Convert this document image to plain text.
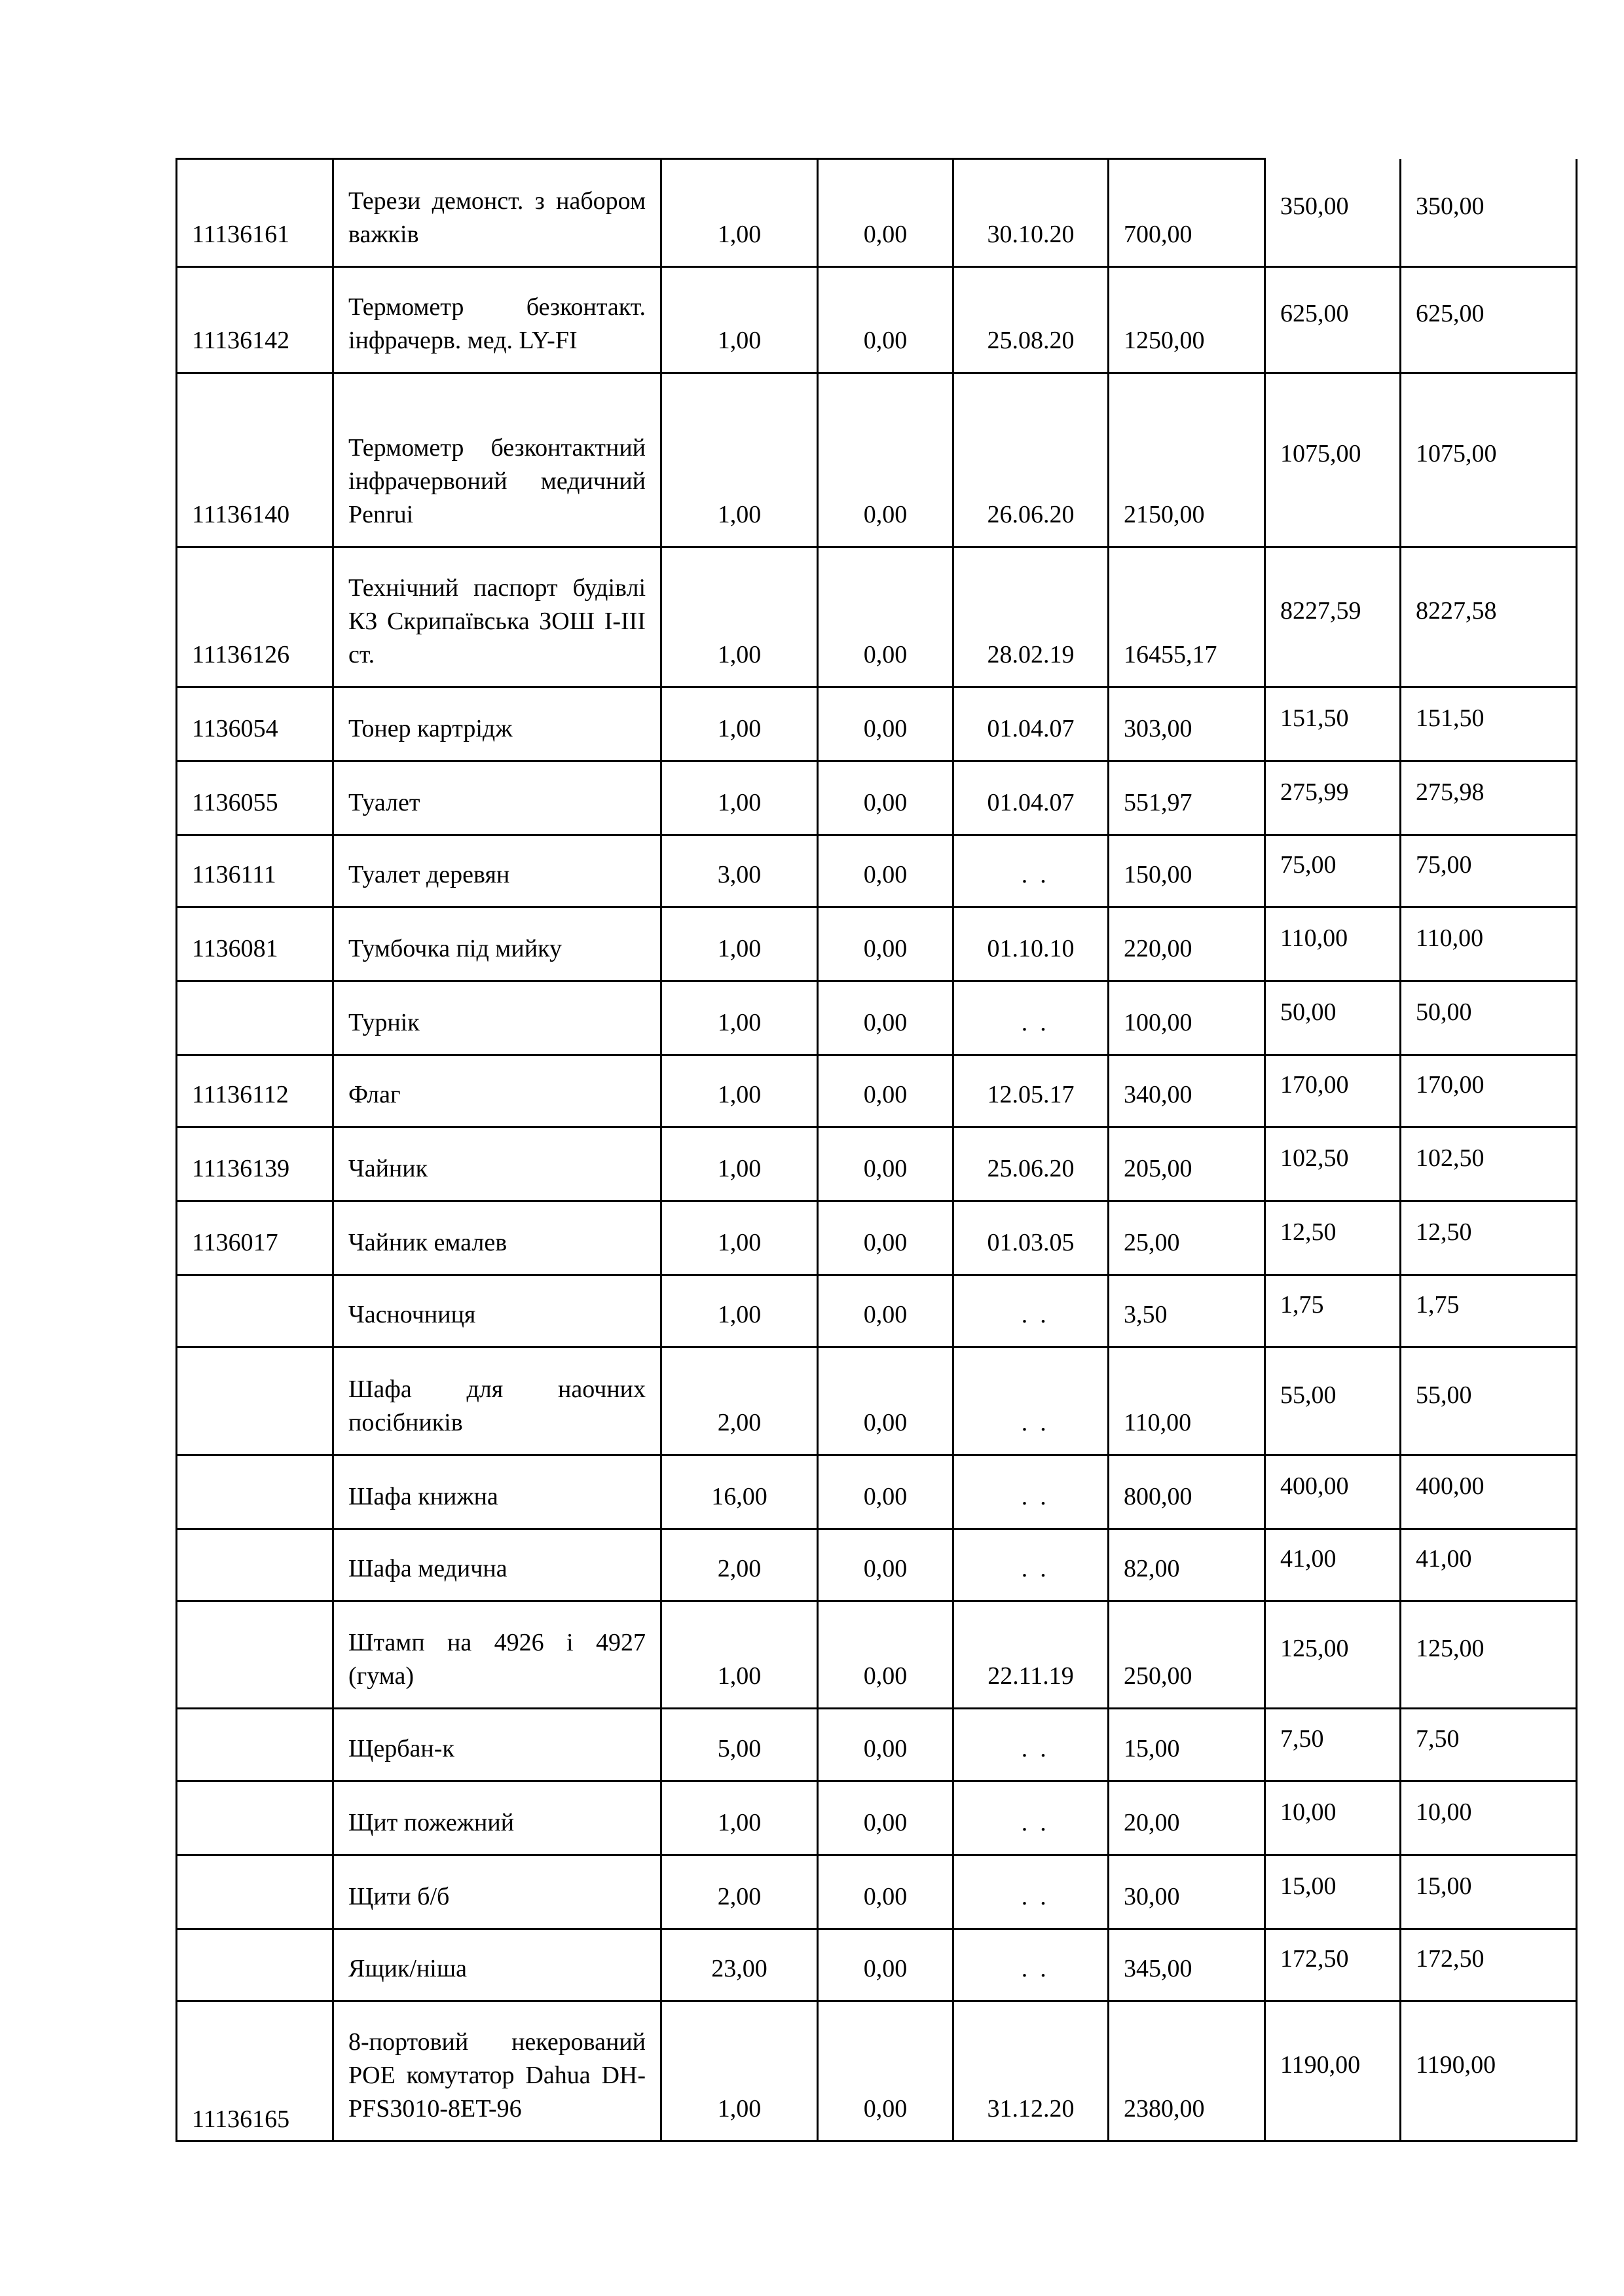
11136161	Терези демонст. з набором важків	1,00	0,00	30.10.20	700,00	350,00	350,00
11136142	Термометр безконтакт. інфрачерв. мед. LY-FI	1,00	0,00	25.08.20	1250,00	625,00	625,00
11136140	Термометр безконтактний інфрачервоний медичний Penrui	1,00	0,00	26.06.20	2150,00	1075,00	1075,00
11136126	Технічний паспорт будівлі КЗ Скрипаївська ЗОШ І-ІІІ ст.	1,00	0,00	28.02.19	16455,17	8227,59	8227,58
1136054	Тонер картрідж	1,00	0,00	01.04.07	303,00	151,50	151,50
1136055	Туалет	1,00	0,00	01.04.07	551,97	275,99	275,98
1136111	Туалет деревян	3,00	0,00	.  .	150,00	75,00	75,00
1136081	Тумбочка під мийку	1,00	0,00	01.10.10	220,00	110,00	110,00
	Турнік	1,00	0,00	.  .	100,00	50,00	50,00
11136112	Флаг	1,00	0,00	12.05.17	340,00	170,00	170,00
11136139	Чайник	1,00	0,00	25.06.20	205,00	102,50	102,50
1136017	Чайник емалев	1,00	0,00	01.03.05	25,00	12,50	12,50
	Часночниця	1,00	0,00	.  .	3,50	1,75	1,75
	Шафа для наочних посібників	2,00	0,00	.  .	110,00	55,00	55,00
	Шафа книжна	16,00	0,00	.  .	800,00	400,00	400,00
	Шафа медична	2,00	0,00	.  .	82,00	41,00	41,00
	Штамп на 4926 і 4927 (гума)	1,00	0,00	22.11.19	250,00	125,00	125,00
	Щербан-к	5,00	0,00	.  .	15,00	7,50	7,50
	Щит пожежний	1,00	0,00	.  .	20,00	10,00	10,00
	Щити б/б	2,00	0,00	.  .	30,00	15,00	15,00
	Ящик/ніша	23,00	0,00	.  .	345,00	172,50	172,50
11136165	8-портовий некерований POE комутатор Dahua DH-PFS3010-8ET-96	1,00	0,00	31.12.20	2380,00	1190,00	1190,00
